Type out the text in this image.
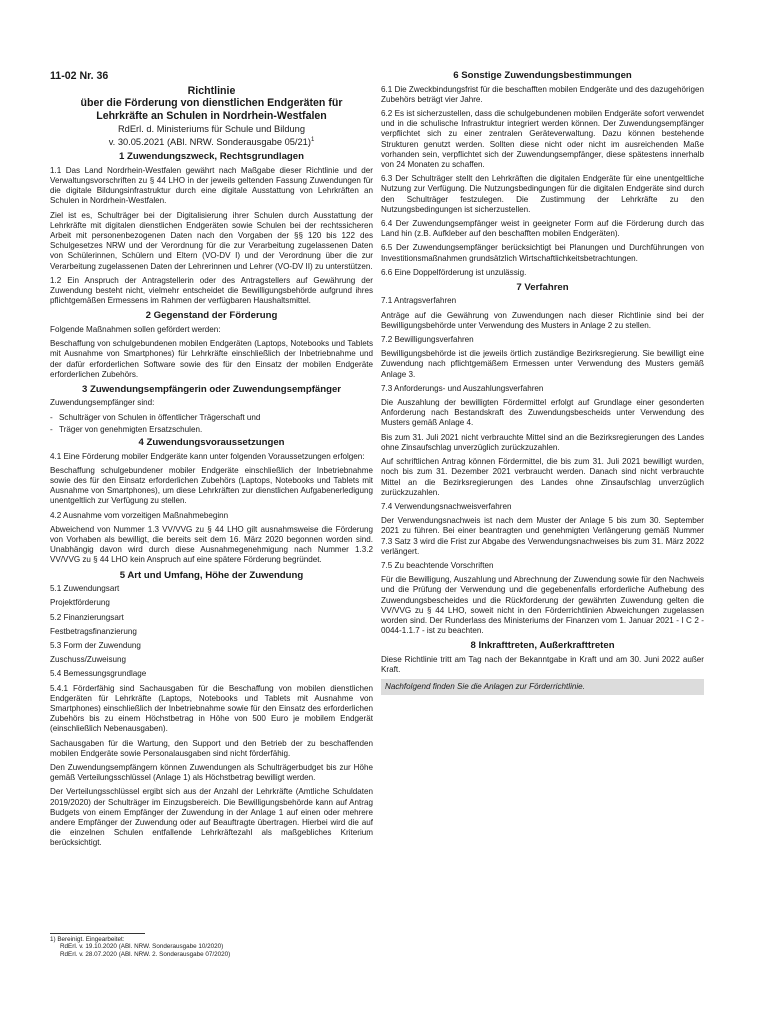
11-02 Nr. 36
Richtlinie
über die Förderung von dienstlichen Endgeräten für
Lehrkräfte an Schulen in Nordrhein-Westfalen
RdErl. d. Ministeriums für Schule und Bildung
v. 30.05.2021 (ABl. NRW. Sonderausgabe 05/21)$^1$
1 Zuwendungszweck, Rechtsgrundlagen

1.1 Das Land Nordrhein-Westfalen gewährt nach Maßgabe dieser Richtlinie und der Verwaltungsvorschriften zu § 44 LHO in der jeweils geltenden Fassung Zuwendungen für die digitale Bildungsinfrastruktur durch eine digitale Ausstattung von Lehrkräften an Schulen in Nordrhein-Westfalen.

Ziel ist es, Schulträger bei der Digitalisierung ihrer Schulen durch Ausstattung der Lehrkräfte mit digitalen dienstlichen Endgeräten sowie Schulen bei der rechtssicheren Arbeit mit personenbezogenen Daten nach den Vorgaben der §§ 120 bis 122 des Schulgesetzes NRW und der Verordnung für die zur Verarbeitung zugelassenen Daten von Schülerinnen, Schülern und Eltern (VO-DV I) und der Verordnung über die zur Verarbeitung zugelassenen Daten der Lehrerinnen und Lehrer (VO-DV II) zu unterstützen.

1.2 Ein Anspruch der Antragstellerin oder des Antragstellers auf Gewährung der Zuwendung besteht nicht, vielmehr entscheidet die Bewilligungsbehörde aufgrund ihres pflichtgemäßen Ermessens im Rahmen der verfügbaren Haushaltsmittel.

2 Gegenstand der Förderung

Folgende Maßnahmen sollen gefördert werden:

Beschaffung von schulgebundenen mobilen Endgeräten (Laptops, Notebooks und Tablets mit Ausnahme von Smartphones) für Lehrkräfte einschließlich der Inbetriebnahme und der dafür erforderlichen Software sowie des für den Einsatz der mobilen Endgeräte erforderlichen Zubehörs.

3 Zuwendungsempfängerin oder Zuwendungsempfänger

Zuwendungsempfänger sind:

- Schulträger von Schulen in öffentlicher Trägerschaft und

- Träger von genehmigten Ersatzschulen.

4 Zuwendungsvoraussetzungen

4.1 Eine Förderung mobiler Endgeräte kann unter folgenden Voraussetzungen erfolgen:

Beschaffung schulgebundener mobiler Endgeräte einschließlich der Inbetriebnahme sowie des für den Einsatz erforderlichen Zubehörs (Laptops, Notebooks und Tablets mit Ausnahme von Smartphones), um diese Lehrkräften zur dienstlichen Aufgabenerledigung unentgeltlich zur Verfügung zu stellen.

4.2 Ausnahme vom vorzeitigen Maßnahmebeginn

Abweichend von Nummer 1.3 VV/VVG zu § 44 LHO gilt ausnahmsweise die Förderung von Vorhaben als bewilligt, die bereits seit dem 16. März 2020 begonnen worden sind. Unabhängig davon wird durch diese Ausnahmegenehmigung nach Nummer 1.3.2 VV/VVG zu § 44 LHO kein Anspruch auf eine spätere Förderung begründet.

5 Art und Umfang, Höhe der Zuwendung

5.1 Zuwendungsart

Projektförderung

5.2 Finanzierungsart

Festbetragsfinanzierung

5.3 Form der Zuwendung

Zuschuss/Zuweisung

5.4 Bemessungsgrundlage

5.4.1 Förderfähig sind Sachausgaben für die Beschaffung von mobilen dienstlichen Endgeräten für Lehrkräfte (Laptops, Notebooks und Tablets mit Ausnahme von Smartphones) einschließlich der Inbetriebnahme sowie für den Einsatz des erforderlichen Zubehörs bis zu einem Höchstbetrag in Höhe von 500 Euro je mobilem Endgerät (einschließlich Nebenausgaben).

Sachausgaben für die Wartung, den Support und den Betrieb der zu beschaffenden mobilen Endgeräte sowie Personalausgaben sind nicht förderfähig.

Den Zuwendungsempfängern können Zuwendungen als Schulträgerbudget bis zur Höhe gemäß Verteilungsschlüssel (Anlage 1) als Höchstbetrag bewilligt werden.

Der Verteilungsschlüssel ergibt sich aus der Anzahl der Lehrkräfte (Amtliche Schuldaten 2019/2020) der Schulträger im Einzugsbereich. Die Bewilligungsbehörde kann auf Antrag Budgets von einem Empfänger der Zuwendung in der Anlage 1 auf einen oder mehrere andere Empfänger der Zuwendung oder auf Beauftragte übertragen. Hierbei wird die auf die einzelnen Schulen entfallende Lehrkräftezahl als maßgebliches Kriterium berücksichtigt.

6 Sonstige Zuwendungsbestimmungen

6.1 Die Zweckbindungsfrist für die beschafften mobilen Endgeräte und des dazugehörigen Zubehörs beträgt vier Jahre.

6.2 Es ist sicherzustellen, dass die schulgebundenen mobilen Endgeräte sofort verwendet und in die schulische Infrastruktur integriert werden können. Der Zuwendungsempfänger verpflichtet sich zu einer zentralen Geräteverwaltung. Dazu können bestehende Strukturen genutzt werden. Sollten diese nicht oder nicht im ausreichenden Maße vorhanden sein, verpflichtet sich der Zuwendungsempfänger, diese spätestens innerhalb von 24 Monaten zu schaffen.

6.3 Der Schulträger stellt den Lehrkräften die digitalen Endgeräte für eine unentgeltliche Nutzung zur Verfügung. Die Nutzungsbedingungen für die digitalen Endgeräte sind durch den Schulträger festzulegen. Die Zustimmung der Lehrkräfte zu den Nutzungsbedingungen ist sicherzustellen.

6.4 Der Zuwendungsempfänger weist in geeigneter Form auf die Förderung durch das Land hin (z.B. Aufkleber auf den beschafften mobilen Endgeräten).

6.5 Der Zuwendungsempfänger berücksichtigt bei Planungen und Durchführungen von Investitionsmaßnahmen grundsätzlich Wirtschaftlichkeitsbetrachtungen.

6.6 Eine Doppelförderung ist unzulässig.

7 Verfahren

7.1 Antragsverfahren

Anträge auf die Gewährung von Zuwendungen nach dieser Richtlinie sind bei der Bewilligungsbehörde unter Verwendung des Musters in Anlage 2 zu stellen.

7.2 Bewilligungsverfahren

Bewilligungsbehörde ist die jeweils örtlich zuständige Bezirksregierung. Sie bewilligt eine Zuwendung nach pflichtgemäßem Ermessen unter Verwendung des Musters gemäß Anlage 3.

7.3 Anforderungs- und Auszahlungsverfahren

Die Auszahlung der bewilligten Fördermittel erfolgt auf Grundlage einer gesonderten Anforderung nach Bestandskraft des Zuwendungsbescheids unter Verwendung des Musters gemäß Anlage 4.

Bis zum 31. Juli 2021 nicht verbrauchte Mittel sind an die Bezirksregierungen des Landes ohne Zinsaufschlag unverzüglich zurückzuzahlen.

Auf schriftlichen Antrag können Fördermittel, die bis zum 31. Juli 2021 bewilligt wurden, noch bis zum 31. Dezember 2021 verbraucht werden. Danach sind nicht verbrauchte Mittel an die Bezirksregierungen des Landes ohne Zinsaufschlag unverzüglich zurückzuzahlen.

7.4 Verwendungsnachweisverfahren

Der Verwendungsnachweis ist nach dem Muster der Anlage 5 bis zum 30. September 2021 zu führen. Bei einer beantragten und genehmigten Verlängerung gemäß Nummer 7.3 Satz 3 wird die Frist zur Abgabe des Verwendungsnachweises bis zum 31. März 2022 verlängert.

7.5 Zu beachtende Vorschriften

Für die Bewilligung, Auszahlung und Abrechnung der Zuwendung sowie für den Nachweis und die Prüfung der Verwendung und die gegebenenfalls erforderliche Aufhebung des Zuwendungsbescheides und die Rückforderung der gewährten Zuwendung gelten die VV/VVG zu § 44 LHO, soweit nicht in den Förderrichtlinien Abweichungen zugelassen worden sind. Der Runderlass des Ministeriums der Finanzen vom 1. Januar 2021 - I C 2 - 0044-1.1.7 - ist zu beachten.

8 Inkrafttreten, Außerkrafttreten

Diese Richtlinie tritt am Tag nach der Bekanntgabe in Kraft und am 30. Juni 2022 außer Kraft.

Nachfolgend finden Sie die Anlagen zur Förderrichtlinie.
1) Bereinigt. Eingearbeitet:
RdErl. v. 19.10.2020 (ABl. NRW. Sonderausgabe 10/2020)
RdErl. v. 28.07.2020 (ABl. NRW. 2. Sonderausgabe 07/2020)
